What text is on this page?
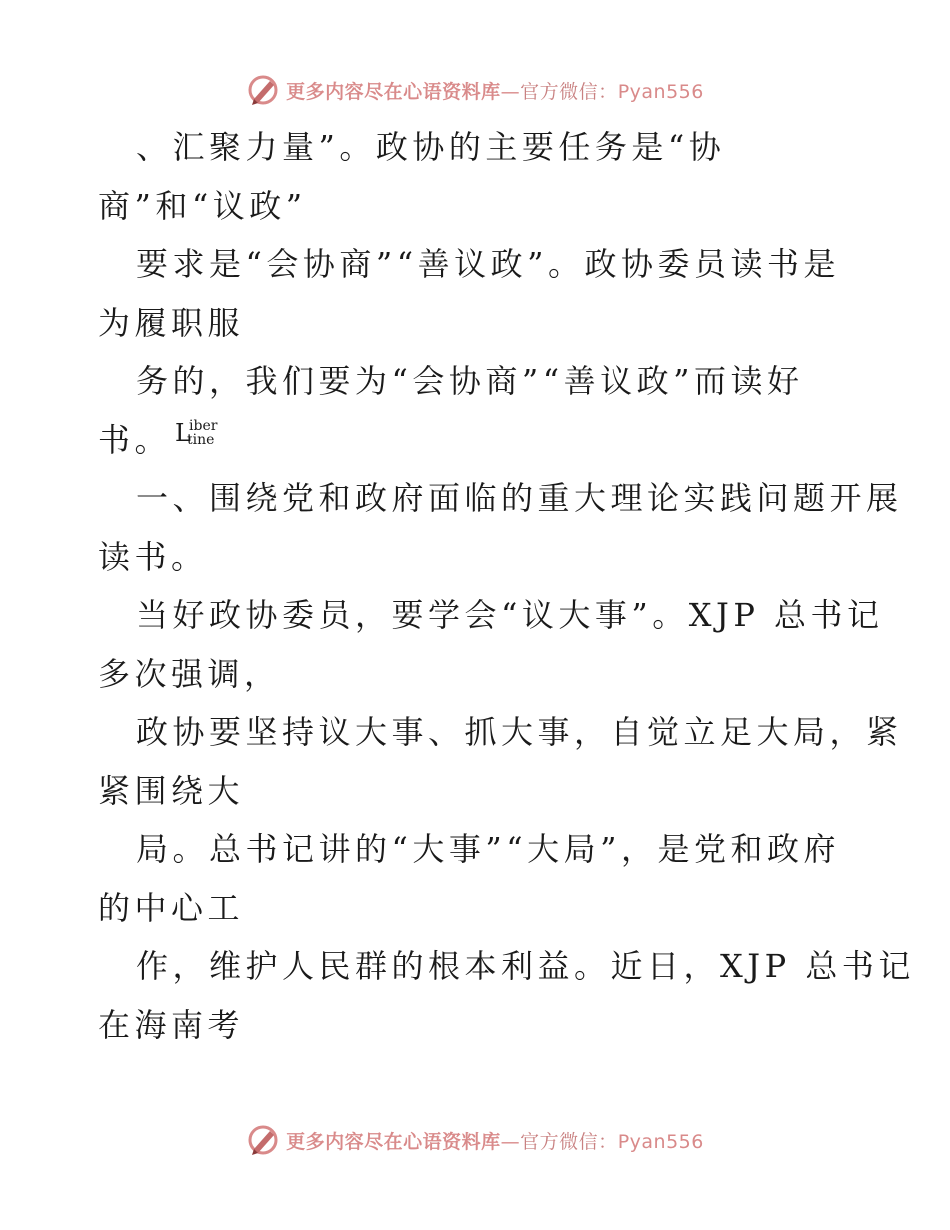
更多内容尽在心语资料库—官方微信：Pyan556
、汇聚力量”。政协的主要任务是“协
商”和“议政”
要求是“会协商”“善议政”。政协委员读书是
为履职服
务的，我们要为“会协商”“善议政”而读好
书。 L
iber
tine
一、围绕党和政府面临的重大理论实践问题开展
读书。
当好政协委员，要学会“议大事”。XJP 总书记
多次强调，
政协要坚持议大事、抓大事，自觉立足大局，紧
紧围绕大
局。总书记讲的“大事”“大局”，是党和政府
的中心工
作，维护人民群的根本利益。近日，XJP 总书记
在海南考
更多内容尽在心语资料库—官方微信：Pyan556
